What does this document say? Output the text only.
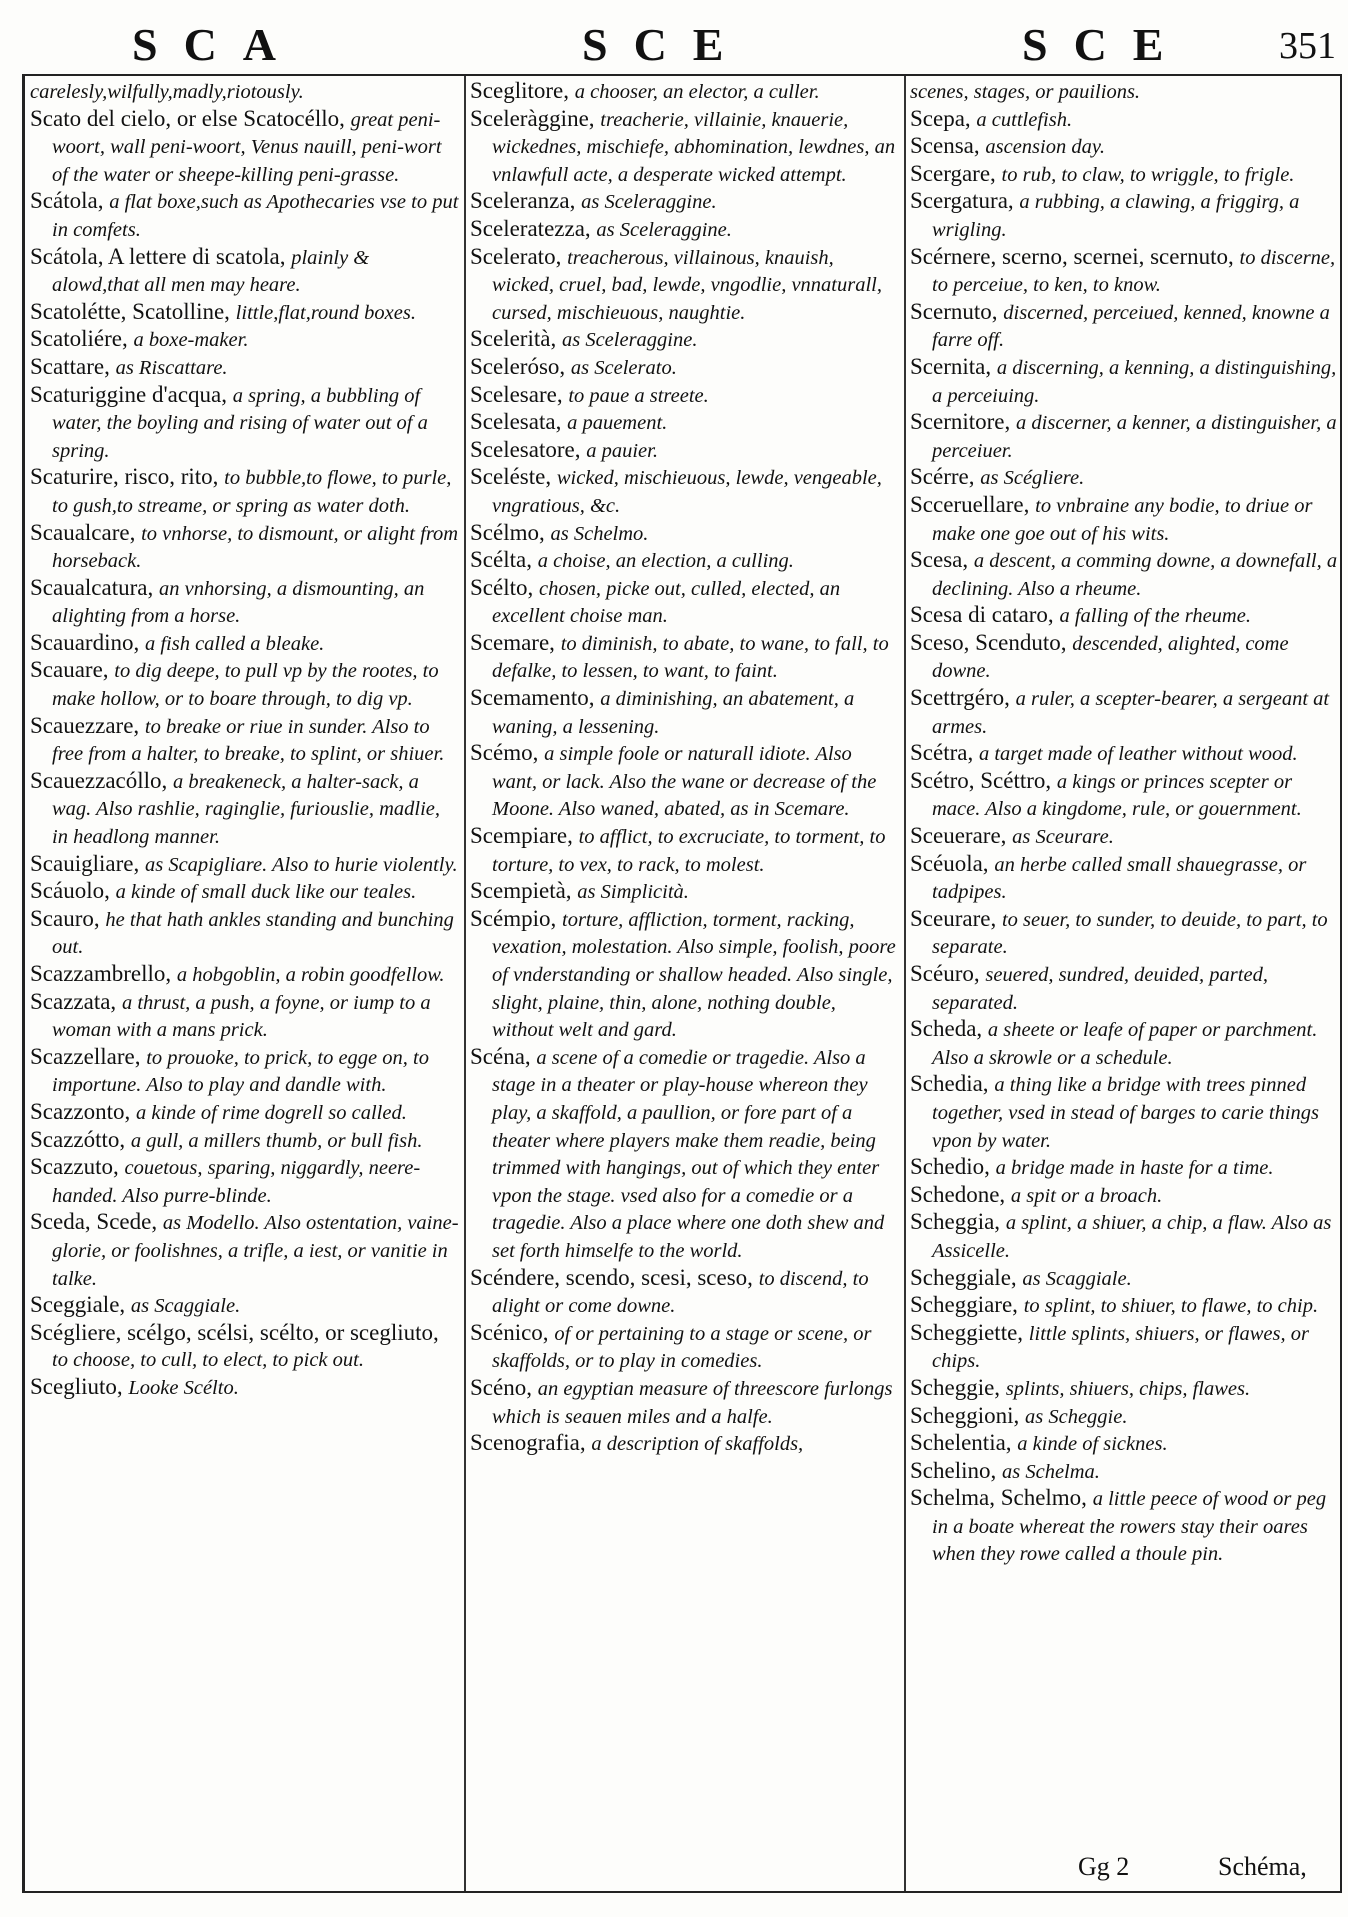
SCA	SCE	SCE 351
carelesly,wilfully,madly,riotously.
Scato del cielo, or else Scatocéllo, great peni-woort, wall peni-woort, Venus nauill, peni-wort of the water or sheepe-killing peni-grasse.
Scátola, a flat boxe,such as Apothecaries vse to put in comfets.
Scátola, A lettere di scatola, plainly & alowd,that all men may heare.
Scatolétte, Scatolline, little,flat,round boxes.
Scatoliére, a boxe-maker.
Scattare, as Riscattare.
Scaturiggine d'acqua, a spring, a bubbling of water, the boyling and rising of water out of a spring.
Scaturire, risco, rito, to bubble,to flowe, to purle, to gush,to streame, or spring as water doth.
Scaualcare, to vnhorse, to dismount, or alight from horseback.
Scaualcatura, an vnhorsing, a dismounting, an alighting from a horse.
Scauardino, a fish called a bleake.
Scauare, to dig deepe, to pull vp by the rootes, to make hollow, or to boare through, to dig vp.
Scauezzare, to breake or riue in sunder. Also to free from a halter, to breake, to splint, or shiuer.
Scauezzacóllo, a breakeneck, a halter-sack, a wag. Also rashlie, raginglie, furiouslie, madlie, in headlong manner.
Scauigliare, as Scapigliare. Also to hurie violently.
Scáuolo, a kinde of small duck like our teales.
Scauro, he that hath ankles standing and bunching out.
Scazzambrello, a hobgoblin, a robin goodfellow.
Scazzata, a thrust, a push, a foyne, or iump to a woman with a mans prick.
Scazzellare, to prouoke, to prick, to egge on, to importune. Also to play and dandle with.
Scazzonto, a kinde of rime dogrell so called.
Scazzótto, a gull, a millers thumb, or bull fish.
Scazzuto, couetous, sparing, niggardly, neere-handed. Also purre-blinde.
Sceda, Scede, as Modello. Also ostentation, vaine-glorie, or foolishnes, a trifle, a iest, or vanitie in talke.
Sceggiale, as Scaggiale.
Scégliere, scélgo, scélsi, scélto, or scegliuto, to choose, to cull, to elect, to pick out.
Scegliuto, Looke Scélto.
Sceglitore, a chooser, an elector, a culler.
Sceleràggine, treacherie, villainie, knauerie, wickednes, mischiefe, abhomination, lewdnes, an vnlawfull acte, a desperate wicked attempt.
Sceleranza, as Sceleraggine.
Sceleratezza, as Sceleraggine.
Scelerato, treacherous, villainous, knauish, wicked, cruel, bad, lewde, vngodlie, vnnaturall, cursed, mischieuous, naughtie.
Scelerità, as Sceleraggine.
Sceleróso, as Scelerato.
Scelesare, to paue a streete.
Scelesata, a pauement.
Scelesatore, a pauier.
Sceléste, wicked, mischieuous, lewde, vengeable, vngratious, &c.
Scélmo, as Schelmo.
Scélta, a choise, an election, a culling.
Scélto, chosen, picke out, culled, elected, an excellent choise man.
Scemare, to diminish, to abate, to wane, to fall, to defalke, to lessen, to want, to faint.
Scemamento, a diminishing, an abatement, a waning, a lessening.
Scémo, a simple foole or naturall idiote. Also want, or lack. Also the wane or decrease of the Moone. Also waned, abated, as in Scemare.
Scempiare, to afflict, to excruciate, to torment, to torture, to vex, to rack, to molest.
Scempietà, as Simplicità.
Scémpio, torture, affliction, torment, racking, vexation, molestation. Also simple, foolish, poore of vnderstanding or shallow headed. Also single, slight, plaine, thin, alone, nothing double, without welt and gard.
Scéna, a scene of a comedie or tragedie. Also a stage in a theater or play-house whereon they play, a skaffold, a paullion, or fore part of a theater where players make them readie, being trimmed with hangings, out of which they enter vpon the stage. vsed also for a comedie or a tragedie. Also a place where one doth shew and set forth himselfe to the world.
Scéndere, scendo, scesi, sceso, to discend, to alight or come downe.
Scénico, of or pertaining to a stage or scene, or skaffolds, or to play in comedies.
Scéno, an egyptian measure of threescore furlongs which is seauen miles and a halfe.
Scenografia, a description of skaffolds,
scenes, stages, or pauilions.
Scepa, a cuttlefish.
Scensa, ascension day.
Scergare, to rub, to claw, to wriggle, to frigle.
Scergatura, a rubbing, a clawing, a friggirg, a wrigling.
Scérnere, scerno, scernei, scernuto, to discerne, to perceiue, to ken, to know.
Scernuto, discerned, perceiued, kenned, knowne a farre off.
Scernita, a discerning, a kenning, a distinguishing, a perceiuing.
Scernitore, a discerner, a kenner, a distinguisher, a perceiuer.
Scérre, as Scégliere.
Scceruellare, to vnbraine any bodie, to driue or make one goe out of his wits.
Scesa, a descent, a comming downe, a downefall, a declining. Also a rheume.
Scesa di cataro, a falling of the rheume.
Sceso, Scenduto, descended, alighted, come downe.
Scettrgéro, a ruler, a scepter-bearer, a sergeant at armes.
Scétra, a target made of leather without wood.
Scétro, Scéttro, a kings or princes scepter or mace. Also a kingdome, rule, or gouernment.
Sceuerare, as Sceurare.
Scéuola, an herbe called small shauegrasse, or tadpipes.
Sceurare, to seuer, to sunder, to deuide, to part, to separate.
Scéuro, seuered, sundred, deuided, parted, separated.
Scheda, a sheete or leafe of paper or parchment. Also a skrowle or a schedule.
Schedia, a thing like a bridge with trees pinned together, vsed in stead of barges to carie things vpon by water.
Schedio, a bridge made in haste for a time.
Schedone, a spit or a broach.
Scheggia, a splint, a shiuer, a chip, a flaw. Also as Assicelle.
Scheggiale, as Scaggiale.
Scheggiare, to splint, to shiuer, to flawe, to chip.
Scheggiette, little splints, shiuers, or flawes, or chips.
Scheggie, splints, shiuers, chips, flawes.
Scheggioni, as Scheggie.
Schelentia, a kinde of sicknes.
Schelino, as Schelma.
Schelma, Schelmo, a little peece of wood or peg in a boate whereat the rowers stay their oares when they rowe called a thoule pin.
Gg 2	Schéma,
